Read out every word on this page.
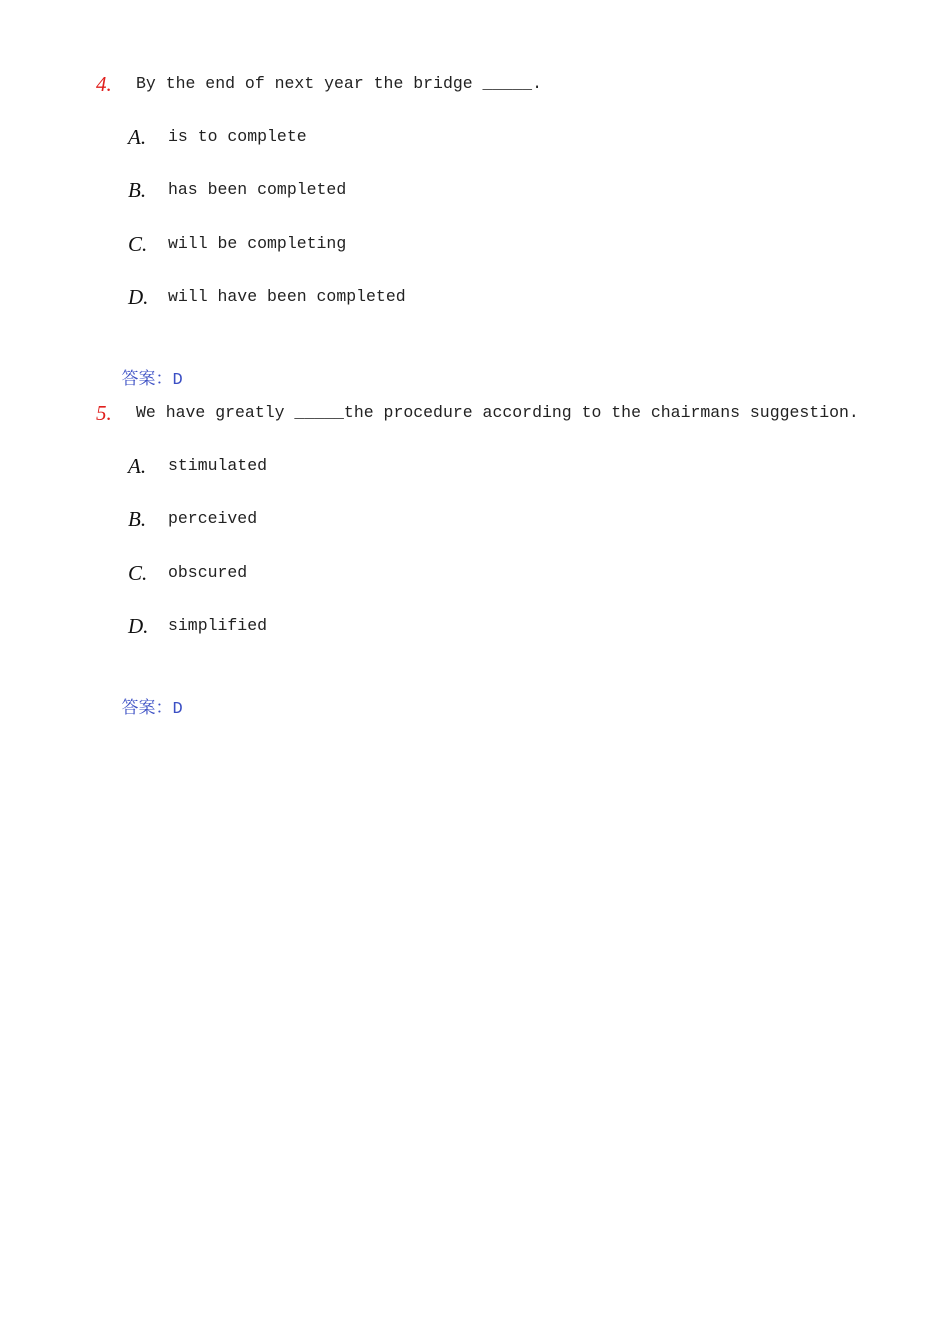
4. By the end of next year the bridge _____.
A. is to complete
B. has been completed
C. will be completing
D. will have been completed

答案：D

5. We have greatly _____the procedure according to the chairmans suggestion.
A. stimulated
B. perceived
C. obscured
D. simplified

答案：D
